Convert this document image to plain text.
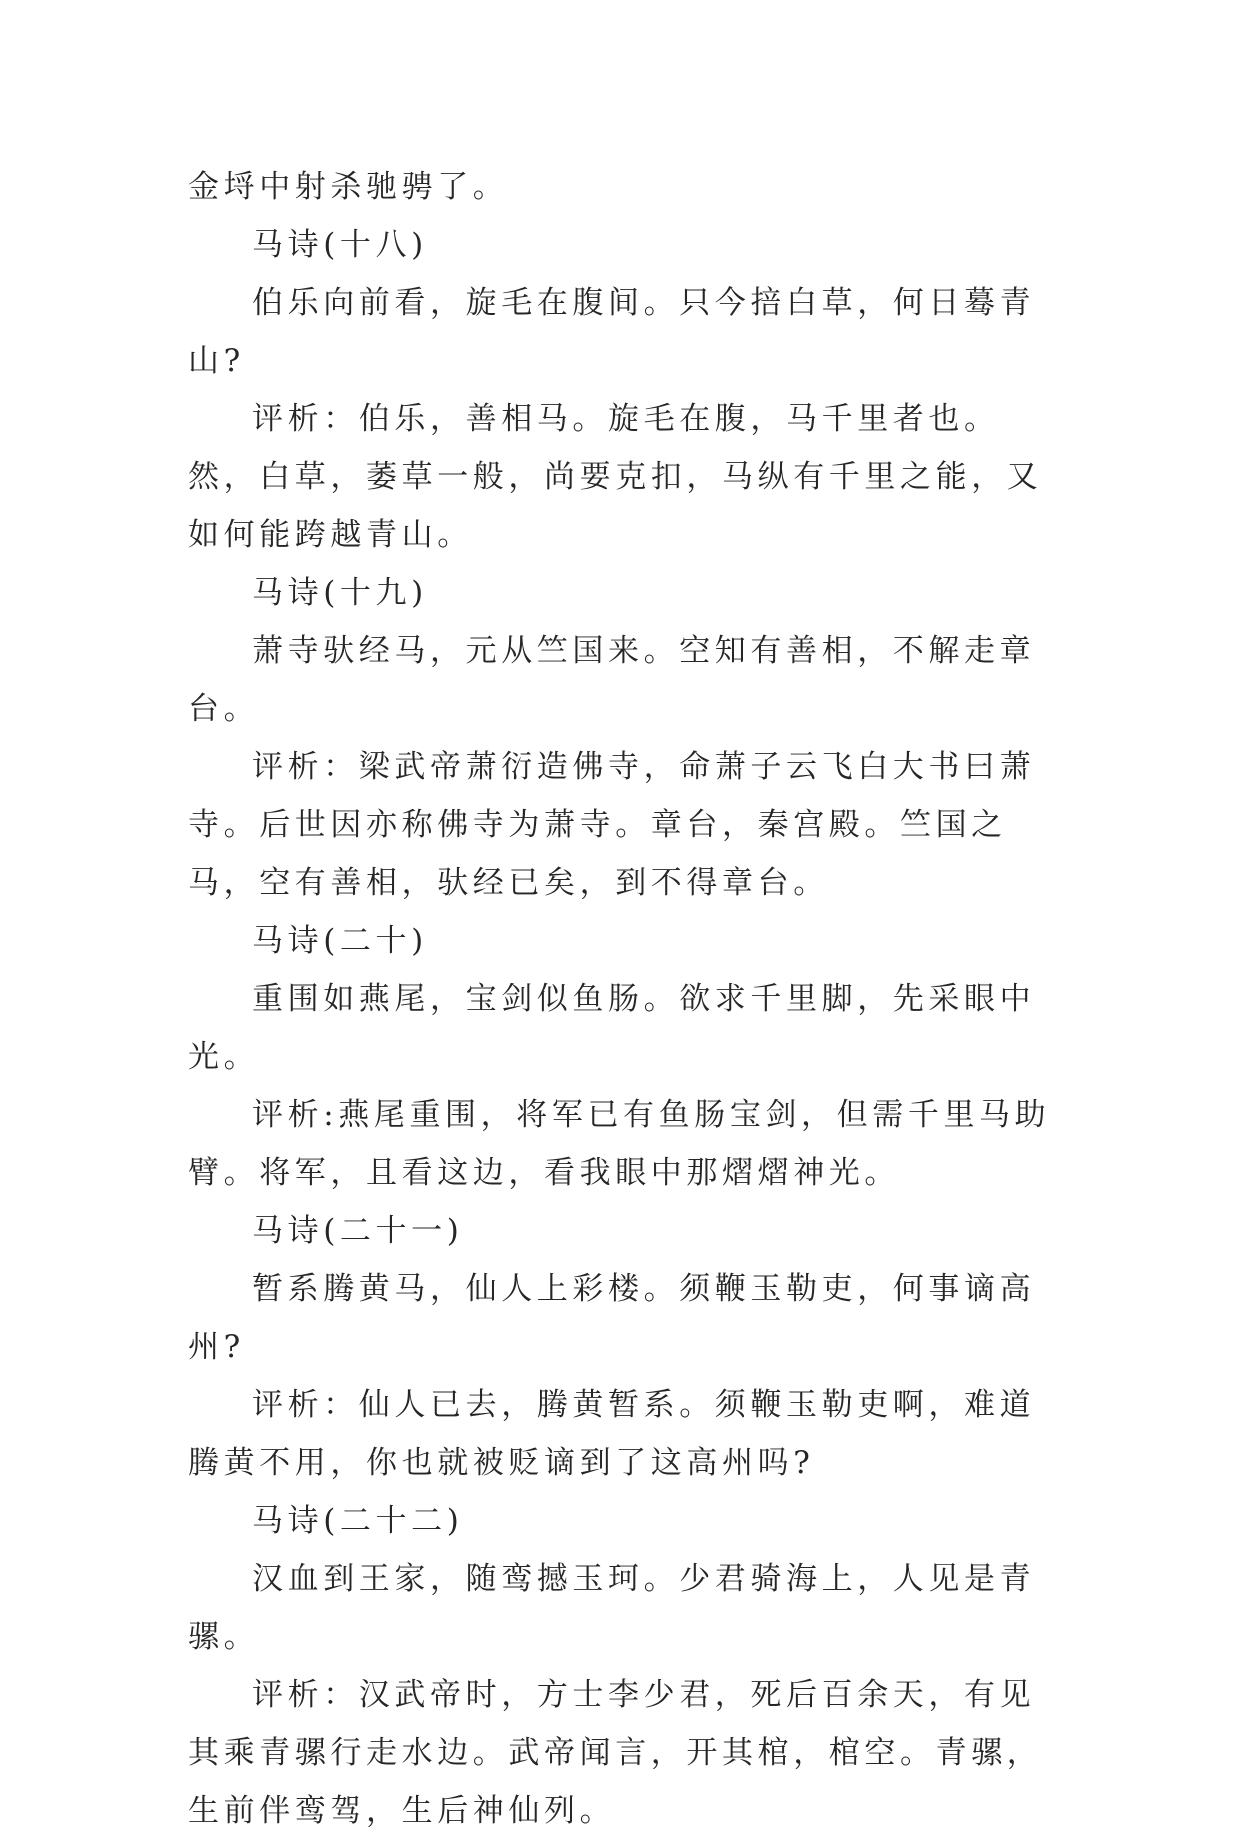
金埒中射杀驰骋了。

马诗(十八)

伯乐向前看，旋毛在腹间。只今掊白草，何日蓦青山?

评析：伯乐，善相马。旋毛在腹，马千里者也。然，白草，萎草一般，尚要克扣，马纵有千里之能，又如何能跨越青山。

马诗(十九)

萧寺驮经马，元从竺国来。空知有善相，不解走章台。

评析：梁武帝萧衍造佛寺，命萧子云飞白大书曰萧寺。后世因亦称佛寺为萧寺。章台，秦宫殿。竺国之马，空有善相，驮经已矣，到不得章台。

马诗(二十)

重围如燕尾，宝剑似鱼肠。欲求千里脚，先采眼中光。

评析:燕尾重围，将军已有鱼肠宝剑，但需千里马助臂。将军，且看这边，看我眼中那熠熠神光。

马诗(二十一)

暂系腾黄马，仙人上彩楼。须鞭玉勒吏，何事谪高州?

评析：仙人已去，腾黄暂系。须鞭玉勒吏啊，难道腾黄不用，你也就被贬谪到了这高州吗?

马诗(二十二)

汉血到王家，随鸾撼玉珂。少君骑海上，人见是青骡。

评析：汉武帝时，方士李少君，死后百余天，有见其乘青骡行走水边。武帝闻言，开其棺，棺空。青骡，生前伴鸾驾，生后神仙列。
